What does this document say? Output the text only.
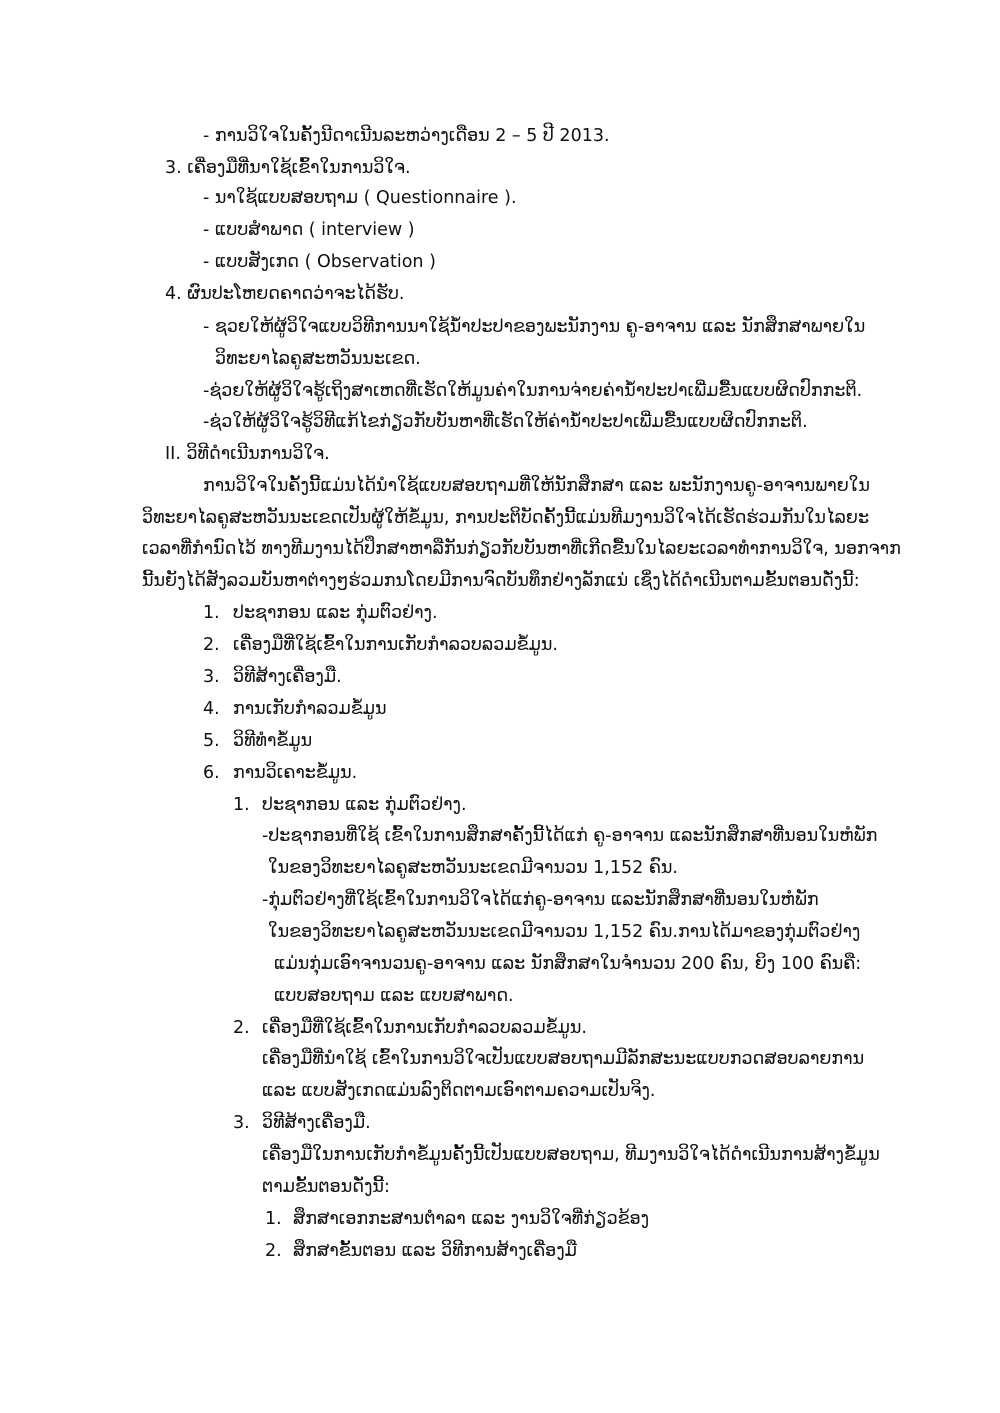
- ການວິໃຈໃນຄັ້ງນີດາເນີນລະຫວ່າງເດືອນ 2 – 5 ປີ 2013.
3. ເຄື່ອງມືທີ່ນາໃຊ້ເຂົ້າໃນການວິໃຈ.
- ນາໃຊ້ແບບສອບຖາມ ( Questionnaire ).
- ແບບສຳພາດ ( interview )
- ແບບສັງເກດ ( Observation )
4. ຜົນປະໂຫຍດຄາດວ່າຈະໄດ້ຮັບ.
- ຊວຍໃຫ້ຜູ້ວິໃຈແບບວິທີການນາໃຊ້ນ້ຳປະປາຂອງພະນັກງານ ຄູ-ອາຈານ ແລະ ນັກສຶກສາພາຍໃນ
ວິທະຍາໄລຄູສະຫວັນນະເຂດ.
-ຊ່ວຍໃຫ້ຜູ້ວິໃຈຮູ້ເຖິງສາເຫດທີ່ເຮັດໃຫ້ມູນຄ່າໃນການຈ່າຍຄ່ານ້ຳປະປາເພີ່ມຂື້ນແບບຜິດປົກກະຕິ.
-ຊ່ວໃຫ້ຜູ້ວິໃຈຮູ້ວິທີແກ້ໄຂກ່ຽວກັບບັນຫາທີ່ເຮັດໃຫ້ຄ່ານ້ຳປະປາເພີ່ມຂື້ນແບບຜິດປົກກະຕິ.
II. ວິທີດຳເນີນການວິໃຈ.
ການວິໃຈໃນຄັ້ງນີ້ແມ່ນໄດ້ນຳໃຊ້ແບບສອບຖາມທີ່ໃຫ້ນັກສຶກສາ ແລະ ພະນັກງານຄູ-ອາຈານພາຍໃນ
ວິທະຍາໄລຄູສະຫວັນນະເຂດເປັນຜູ້ໃຫ້ຂໍ້ມູນ, ການປະຕິບັດຄັ້ງນີ້ແມ່ນທີມງານວິໃຈໄດ້ເຮັດຮ່ວມກັນໃນໄລຍະ
ເວລາທີ່ກຳນົດໄວ້ ທາງທີມງານໄດ້ປຶກສາຫາລືກັນກ່ຽວກັບບັນຫາທີ່ເກີດຂື້ນໃນໄລຍະເວລາທຳການວິໃຈ, ນອກຈາກ
ນີ້ນຍັງໄດ້ສັງລວມບັນຫາຕ່າງໆຮ່ວມກນໂດຍມີການຈົດບັນທຶກຢ່າງລັກແນ່ ເຊິ່ງໄດ້ດຳເນີນຕາມຂັ້ນຕອນດັ່ງນີ້:
1. ປະຊາກອນ ແລະ ກຸ່ມຕົວຢ່າງ.
2. ເຄື່ອງມືທີ່ໃຊ້ເຂົ້າໃນການເກັບກຳລວບລວມຂໍ້ມູນ.
3. ວິທີສ້າງເຄື່ອງມື.
4. ການເກັບກຳລວມຂໍ້ມູນ
5. ວິທີທຳຂໍ້ມູນ
6. ການວິເຄາະຂໍ້ມູນ.
1. ປະຊາກອນ ແລະ ກຸ່ມຕົວຢ່າງ.
-ປະຊາກອນທີ່ໃຊ້ ເຂົ້າໃນການສຶກສາຄັ້ງນີ້ໄດ້ແກ່ ຄູ-ອາຈານ ແລະນັກສຶກສາທີ່ນອນໃນຫໍພັກ
ໃນຂອງວິທະຍາໄລຄູສະຫວັນນະເຂດມີຈານວນ 1,152 ຄົນ.
-ກຸ່ມຕົວຢ່າງທີ່ໃຊ້ເຂົ້າໃນການວິໃຈໄດ້ແກ່ຄູ-ອາຈານ ແລະນັກສຶກສາທີ່ນອນໃນຫໍພັກ
ໃນຂອງວິທະຍາໄລຄູສະຫວັນນະເຂດມີຈານວນ 1,152 ຄົນ.ການໄດ້ມາຂອງກຸ່ມຕົວຢ່າງ
ແມ່ນກຸ່ມເອົາຈານວນຄູ-ອາຈານ ແລະ ນັກສຶກສາໃນຈຳນວນ 200 ຄົນ, ຍິງ 100 ຄົນຄື:
ແບບສອບຖາມ ແລະ ແບບສາພາດ.
2. ເຄື່ອງມືທີ່ໃຊ້ເຂົ້າໃນການເກັບກຳລວບລວມຂໍ້ມູນ.
ເຄື່ອງມືທີ່ນຳໃຊ້ ເຂົ້າໃນການວິໃຈເປັນແບບສອບຖາມມີລັກສະນະແບບກວດສອບລາຍການ
ແລະ ແບບສັງເກດແມ່ນລົງຕິດຕາມເອົາຕາມຄວາມເປັນຈິງ.
3. ວິທີສ້າງເຄື່ອງມື.
ເຄື່ອງມືໃນການເກັບກຳຂໍ້ມູນຄັ້ງນີ້ເປັນແບບສອບຖາມ, ທີມງານວິໃຈໄດ້ດຳເນີນການສ້າງຂໍ້ມູນ
ຕາມຂັ້ນຕອນດັ່ງນີ້:
1. ສຶກສາເອກກະສານຕຳລາ ແລະ ງານວິໃຈທີ່ກ່ຽວຂ້ອງ
2. ສຶກສາຂັ້ນຕອນ ແລະ ວິທີການສ້າງເຄື່ອງມື
